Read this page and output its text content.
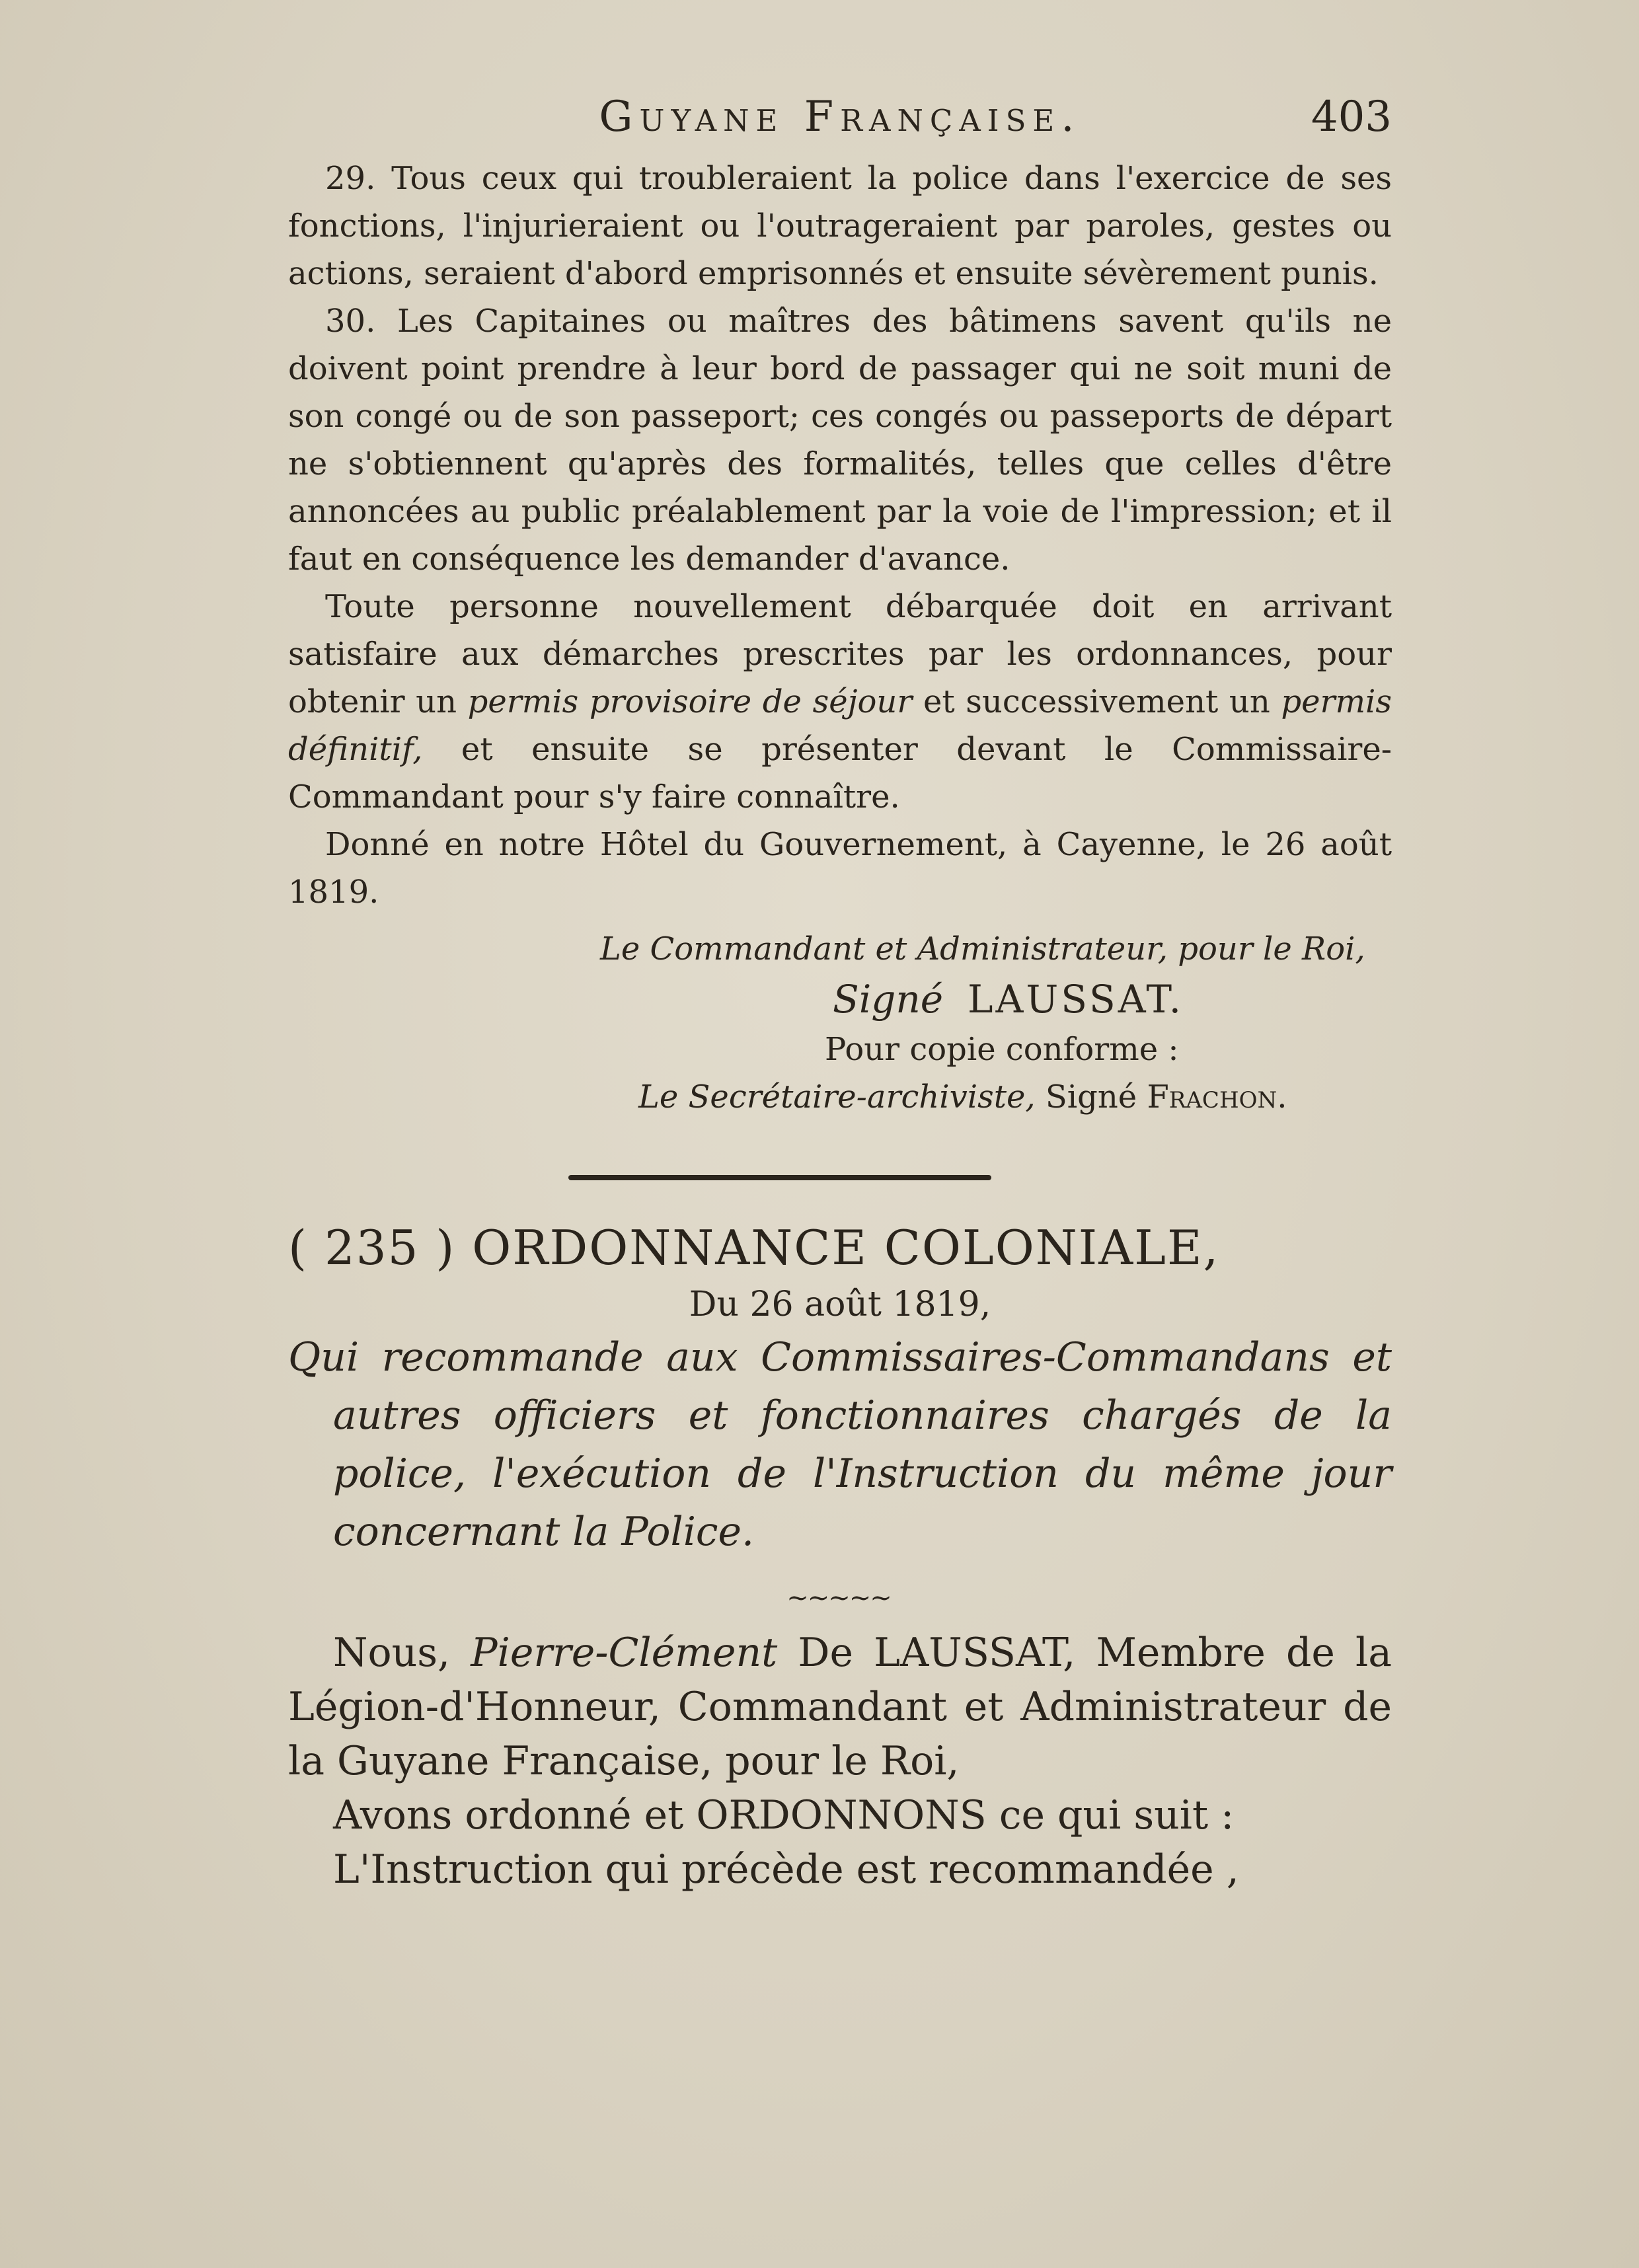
Guyane Française.	403

29. Tous ceux qui troubleraient la police dans l'exercice de ses fonctions, l'injurieraient ou l'outrageraient par paroles, gestes ou actions, seraient d'abord emprisonnés et ensuite sévèrement punis.

30. Les Capitaines ou maîtres des bâtimens savent qu'ils ne doivent point prendre à leur bord de passager qui ne soit muni de son congé ou de son passeport; ces congés ou passeports de départ ne s'obtiennent qu'après des formalités, telles que celles d'être annoncées au public préalablement par la voie de l'impression; et il faut en conséquence les demander d'avance.

Toute personne nouvellement débarquée doit en arrivant satisfaire aux démarches prescrites par les ordonnances, pour obtenir un permis provisoire de séjour et successivement un permis définitif, et ensuite se présenter devant le Commissaire-Commandant pour s'y faire connaître.

Donné en notre Hôtel du Gouvernement, à Cayenne, le 26 août 1819.

Le Commandant et Administrateur, pour le Roi,
Signé LAUSSAT.
Pour copie conforme :
Le Secrétaire-archiviste, Signé Frachon.
( 235 ) ORDONNANCE COLONIALE,
Du 26 août 1819,

Qui recommande aux Commissaires-Commandans et autres officiers et fonctionnaires chargés de la police, l'exécution de l'Instruction du même jour concernant la Police.

~~~~~

Nous, Pierre-Clément De LAUSSAT, Membre de la Légion-d'Honneur, Commandant et Administrateur de la Guyane Française, pour le Roi,

Avons ordonné et ORDONNONS ce qui suit :

L'Instruction qui précède est recommandée ,
